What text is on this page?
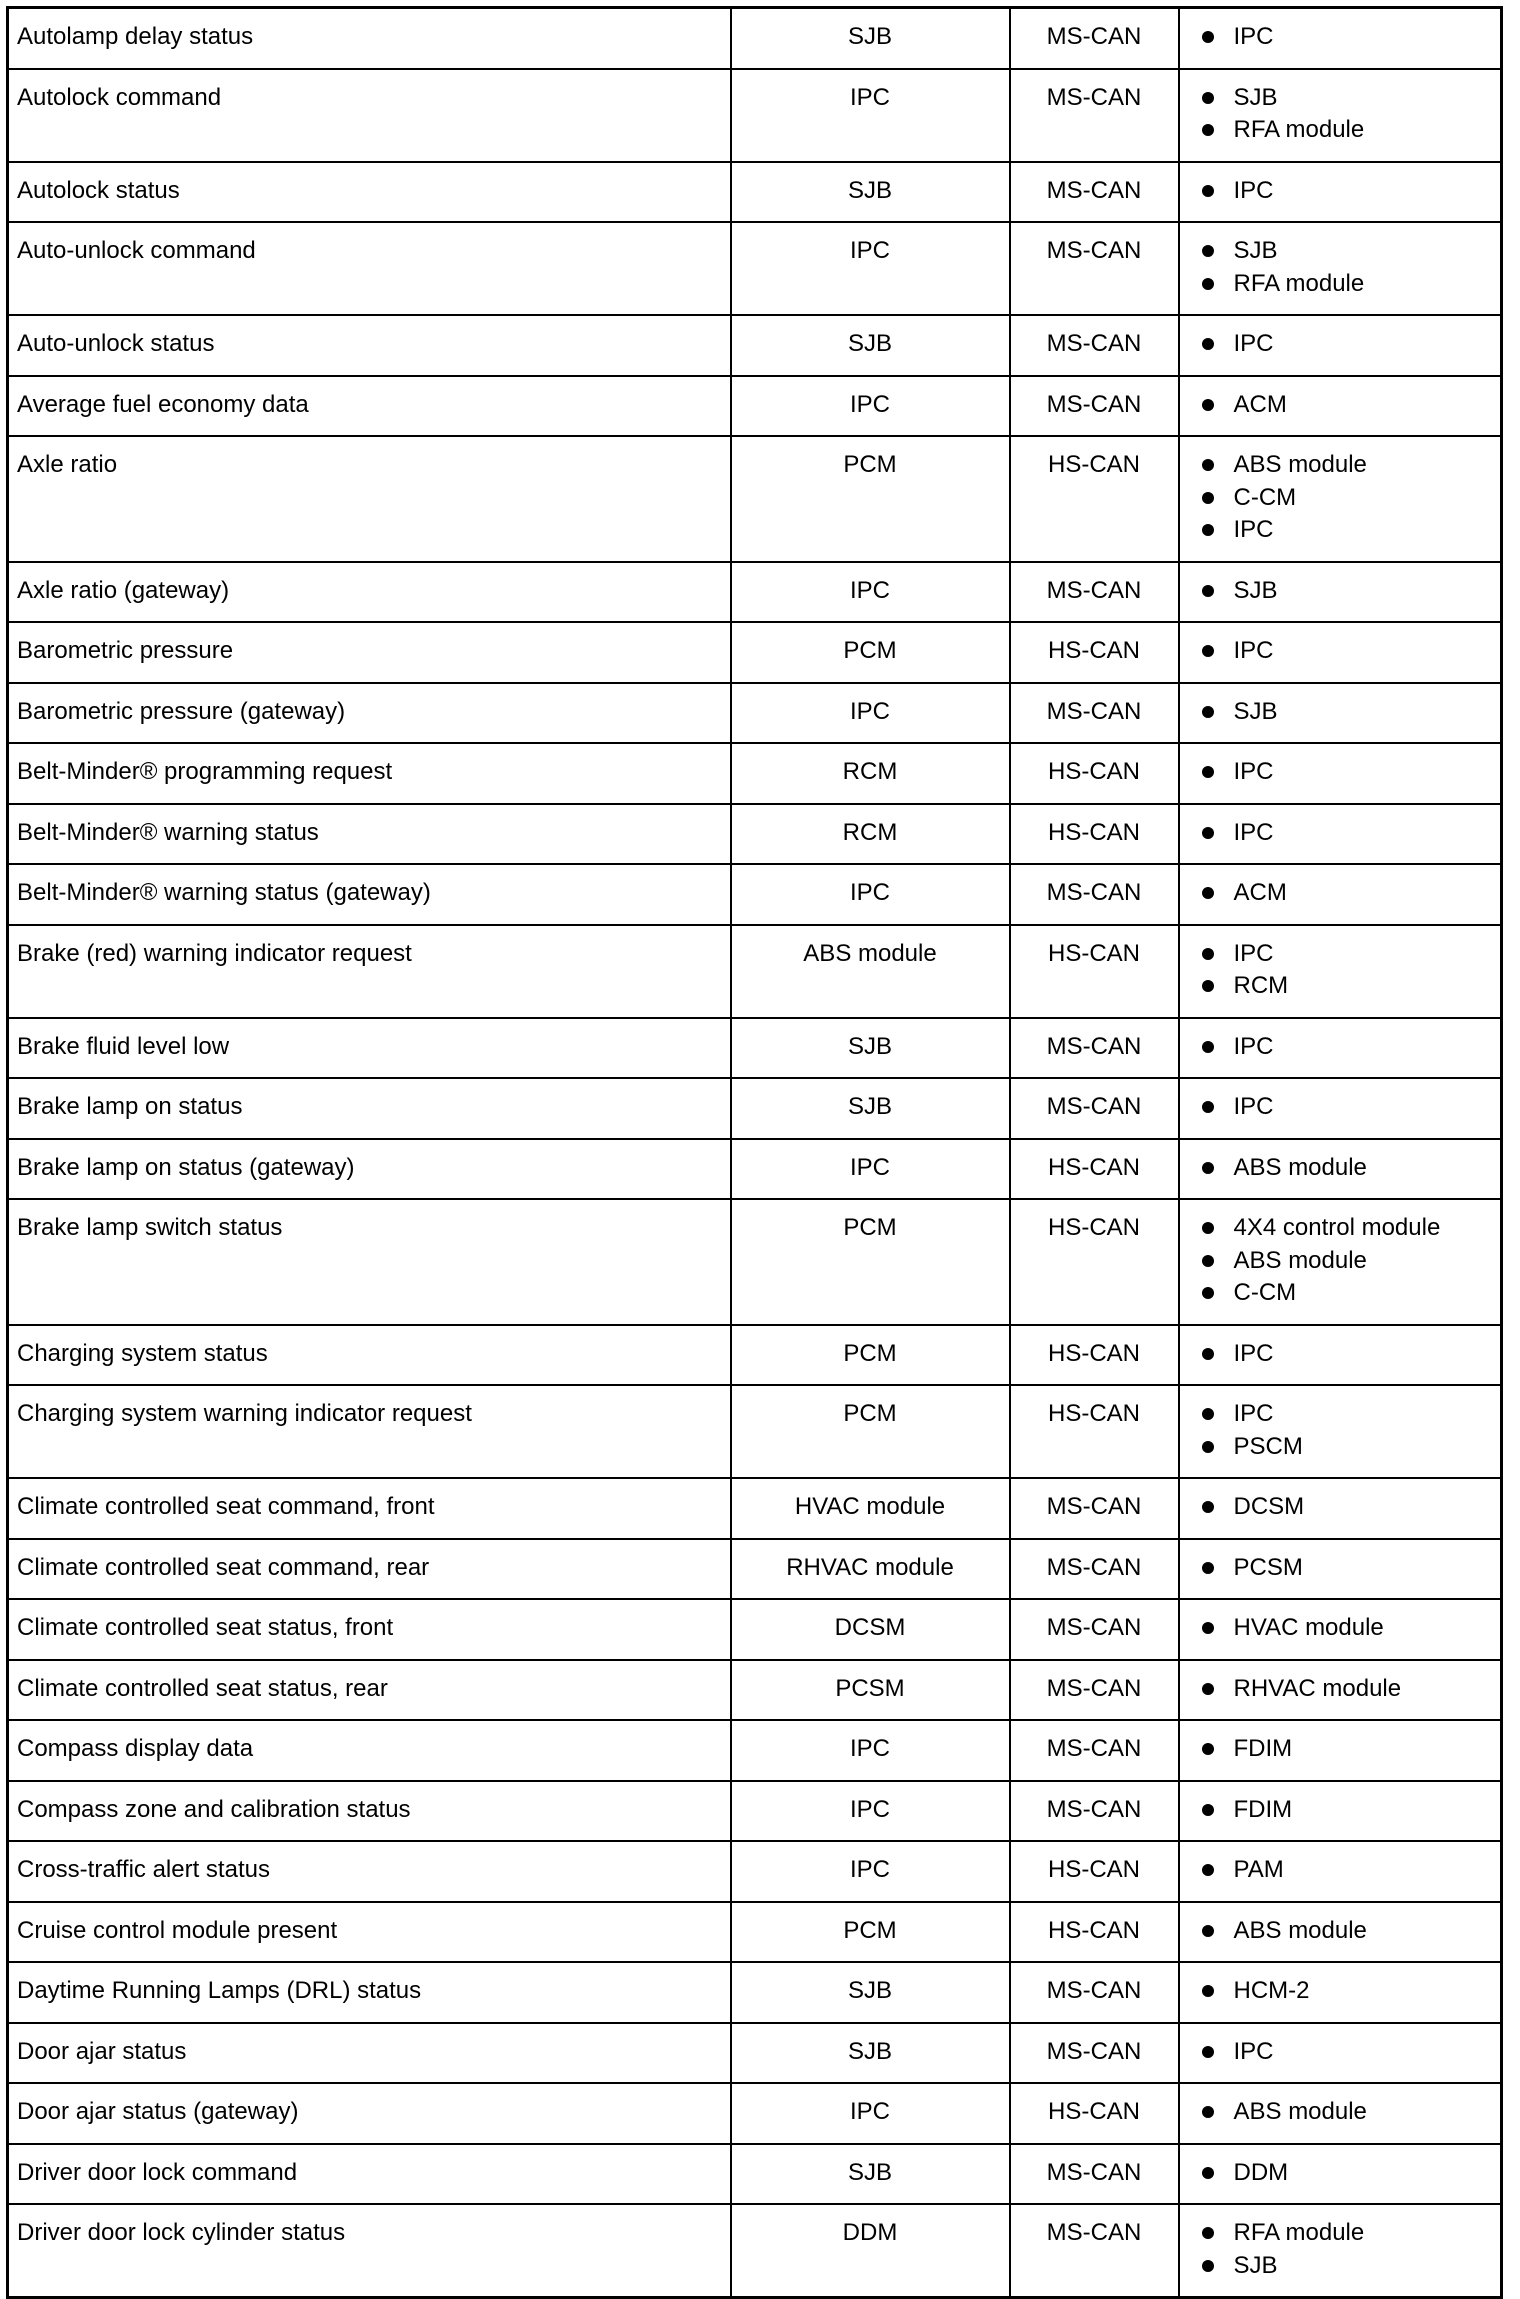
Autolamp delay status	SJB	MS-CAN	IPC

Autolock command	IPC	MS-CAN	SJB
RFA module

Autolock status	SJB	MS-CAN	IPC

Auto-unlock command	IPC	MS-CAN	SJB
RFA module

Auto-unlock status	SJB	MS-CAN	IPC

Average fuel economy data	IPC	MS-CAN	ACM

Axle ratio	PCM	HS-CAN	ABS module
C-CM
IPC

Axle ratio (gateway)	IPC	MS-CAN	SJB

Barometric pressure	PCM	HS-CAN	IPC

Barometric pressure (gateway)	IPC	MS-CAN	SJB

Belt-Minder® programming request	RCM	HS-CAN	IPC

Belt-Minder® warning status	RCM	HS-CAN	IPC

Belt-Minder® warning status (gateway)	IPC	MS-CAN	ACM

Brake (red) warning indicator request	ABS module	HS-CAN	IPC
RCM

Brake fluid level low	SJB	MS-CAN	IPC

Brake lamp on status	SJB	MS-CAN	IPC

Brake lamp on status (gateway)	IPC	HS-CAN	ABS module

Brake lamp switch status	PCM	HS-CAN	4X4 control module
ABS module
C-CM

Charging system status	PCM	HS-CAN	IPC

Charging system warning indicator request	PCM	HS-CAN	IPC
PSCM

Climate controlled seat command, front	HVAC module	MS-CAN	DCSM

Climate controlled seat command, rear	RHVAC module	MS-CAN	PCSM

Climate controlled seat status, front	DCSM	MS-CAN	HVAC module

Climate controlled seat status, rear	PCSM	MS-CAN	RHVAC module

Compass display data	IPC	MS-CAN	FDIM

Compass zone and calibration status	IPC	MS-CAN	FDIM

Cross-traffic alert status	IPC	HS-CAN	PAM

Cruise control module present	PCM	HS-CAN	ABS module

Daytime Running Lamps (DRL) status	SJB	MS-CAN	HCM-2

Door ajar status	SJB	MS-CAN	IPC

Door ajar status (gateway)	IPC	HS-CAN	ABS module

Driver door lock command	SJB	MS-CAN	DDM

Driver door lock cylinder status	DDM	MS-CAN	RFA module
SJB
